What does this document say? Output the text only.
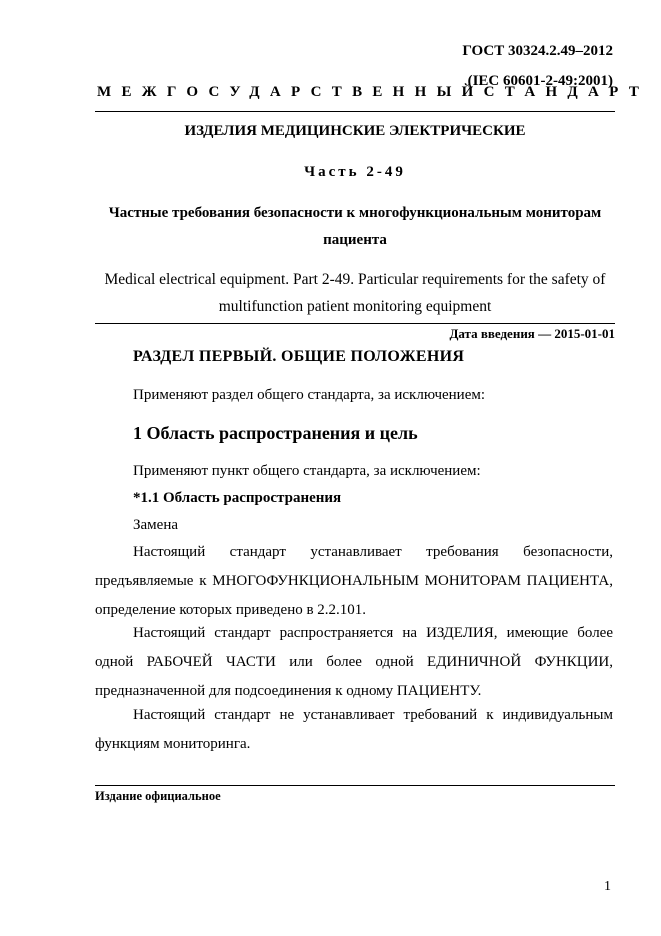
ГОСТ 30324.2.49–2012
(IEC 60601-2-49:2001)
МЕЖГОСУДАРСТВЕННЫЙ СТАНДАРТ
ИЗДЕЛИЯ МЕДИЦИНСКИЕ ЭЛЕКТРИЧЕСКИЕ
Часть 2-49
Частные требования безопасности к многофункциональным мониторам
пациента
Medical electrical equipment. Part 2-49. Particular requirements for the safety of
multifunction patient monitoring equipment
Дата введения — 2015-01-01
РАЗДЕЛ ПЕРВЫЙ. ОБЩИЕ ПОЛОЖЕНИЯ
Применяют раздел общего стандарта, за исключением:
1 Область распространения и цель
Применяют пункт общего стандарта, за исключением:
*1.1 Область распространения
Замена
Настоящий стандарт устанавливает требования безопасности, предъявляемые к МНОГОФУНКЦИОНАЛЬНЫМ МОНИТОРАМ ПАЦИЕНТА, определение которых приведено в 2.2.101.
Настоящий стандарт распространяется на ИЗДЕЛИЯ, имеющие более одной РАБОЧЕЙ ЧАСТИ или более одной ЕДИНИЧНОЙ ФУНКЦИИ, предназначенной для подсоединения к одному ПАЦИЕНТУ.
Настоящий стандарт не устанавливает требований к индивидуальным функциям мониторинга.
Издание официальное
1
